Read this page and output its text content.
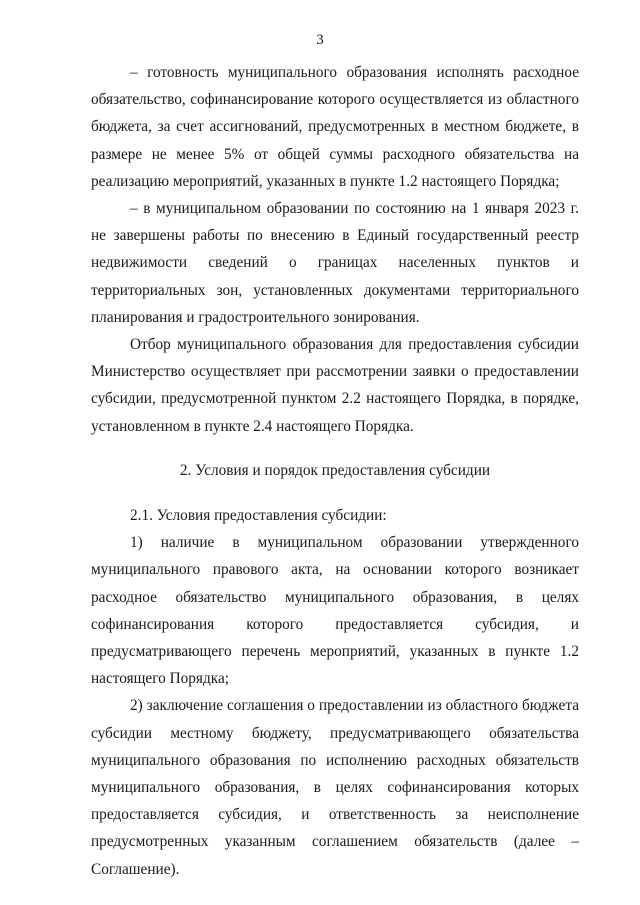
3

– готовность муниципального образования исполнять расходное обязательство, софинансирование которого осуществляется из областного бюджета, за счет ассигнований, предусмотренных в местном бюджете, в размере не менее 5% от общей суммы расходного обязательства на реализацию мероприятий, указанных в пункте 1.2 настоящего Порядка;

– в муниципальном образовании по состоянию на 1 января 2023 г. не завершены работы по внесению в Единый государственный реестр недвижимости сведений о границах населенных пунктов и территориальных зон, установленных документами территориального планирования и градостроительного зонирования.

Отбор муниципального образования для предоставления субсидии Министерство осуществляет при рассмотрении заявки о предоставлении субсидии, предусмотренной пунктом 2.2 настоящего Порядка, в порядке, установленном в пункте 2.4 настоящего Порядка.

2. Условия и порядок предоставления субсидии

2.1. Условия предоставления субсидии:

1) наличие в муниципальном образовании утвержденного муниципального правового акта, на основании которого возникает расходное обязательство муниципального образования, в целях софинансирования которого предоставляется субсидия, и предусматривающего перечень мероприятий, указанных в пункте 1.2 настоящего Порядка;

2) заключение соглашения о предоставлении из областного бюджета субсидии местному бюджету, предусматривающего обязательства муниципального образования по исполнению расходных обязательств муниципального образования, в целях софинансирования которых предоставляется субсидия, и ответственность за неисполнение предусмотренных указанным соглашением обязательств (далее – Соглашение).
